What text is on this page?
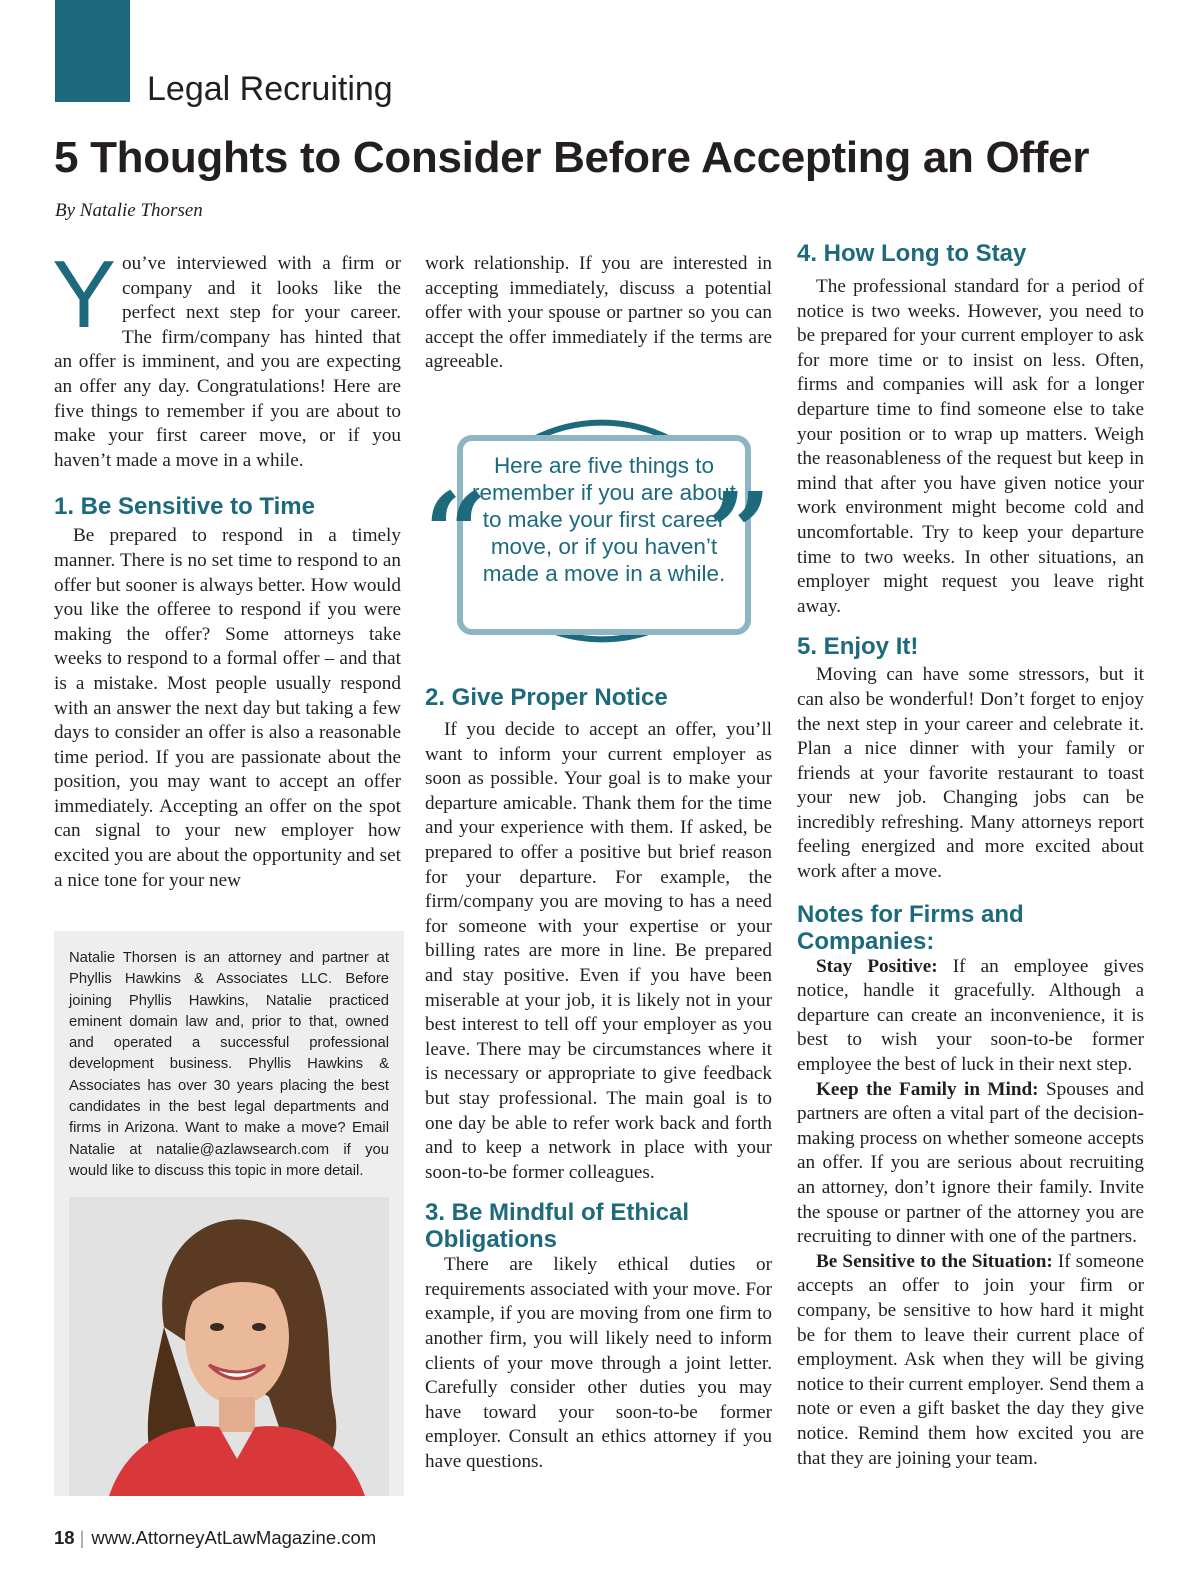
Legal Recruiting
5 Thoughts to Consider Before Accepting an Offer
By Natalie Thorsen

You’ve interviewed with a firm or company and it looks like the perfect next step for your career. The firm/company has hinted that an offer is imminent, and you are expecting an offer any day. Congratulations! Here are five things to remember if you are about to make your first career move, or if you haven’t made a move in a while.

1. Be Sensitive to Time

Be prepared to respond in a timely manner. There is no set time to respond to an offer but sooner is always better. How would you like the offeree to respond if you were making the offer? Some attorneys take weeks to respond to a formal offer – and that is a mistake. Most people usually respond with an answer the next day but taking a few days to consider an offer is also a reasonable time period. If you are passionate about the position, you may want to accept an offer immediately. Accepting an offer on the spot can signal to your new employer how excited you are about the opportunity and set a nice tone for your new

Natalie Thorsen is an attorney and partner at Phyllis Hawkins & Associates LLC. Before joining Phyllis Hawkins, Natalie practiced eminent domain law and, prior to that, owned and operated a successful professional development business. Phyllis Hawkins & Associates has over 30 years placing the best candidates in the best legal departments and firms in Arizona. Want to make a move? Email Natalie at natalie@azlawsearch.com if you would like to discuss this topic in more detail.

work relationship. If you are interested in accepting immediately, discuss a potential offer with your spouse or partner so you can accept the offer immediately if the terms are agreeable.

Here are five things to remember if you are about to make your first career move, or if you haven’t made a move in a while.
“ ”
2. Give Proper Notice

If you decide to accept an offer, you’ll want to inform your current employer as soon as possible. Your goal is to make your departure amicable. Thank them for the time and your experience with them. If asked, be prepared to offer a positive but brief reason for your departure. For example, the firm/company you are moving to has a need for someone with your expertise or your billing rates are more in line. Be prepared and stay positive. Even if you have been miserable at your job, it is likely not in your best interest to tell off your employer as you leave. There may be circumstances where it is necessary or appropriate to give feedback but stay professional. The main goal is to one day be able to refer work back and forth and to keep a network in place with your soon-to-be former colleagues.

3. Be Mindful of Ethical Obligations

There are likely ethical duties or requirements associated with your move. For example, if you are moving from one firm to another firm, you will likely need to inform clients of your move through a joint letter. Carefully consider other duties you may have toward your soon-to-be former employer. Consult an ethics attorney if you have questions.

4. How Long to Stay

The professional standard for a period of notice is two weeks. However, you need to be prepared for your current employer to ask for more time or to insist on less. Often, firms and companies will ask for a longer departure time to find someone else to take your position or to wrap up matters. Weigh the reasonableness of the request but keep in mind that after you have given notice your work environment might become cold and uncomfortable. Try to keep your departure time to two weeks. In other situations, an employer might request you leave right away.

5. Enjoy It!

Moving can have some stressors, but it can also be wonderful! Don’t forget to enjoy the next step in your career and celebrate it. Plan a nice dinner with your family or friends at your favorite restaurant to toast your new job. Changing jobs can be incredibly refreshing. Many attorneys report feeling energized and more excited about work after a move.

Notes for Firms and Companies:

Stay Positive: If an employee gives notice, handle it gracefully. Although a departure can create an inconvenience, it is best to wish your soon-to-be former employee the best of luck in their next step.

Keep the Family in Mind: Spouses and partners are often a vital part of the decision-making process on whether someone accepts an offer. If you are serious about recruiting an attorney, don’t ignore their family. Invite the spouse or partner of the attorney you are recruiting to dinner with one of the partners.

Be Sensitive to the Situation: If someone accepts an offer to join your firm or company, be sensitive to how hard it might be for them to leave their current place of employment. Ask when they will be giving notice to their current employer. Send them a note or even a gift basket the day they give notice. Remind them how excited you are that they are joining your team.

18 | www.AttorneyAtLawMagazine.com
